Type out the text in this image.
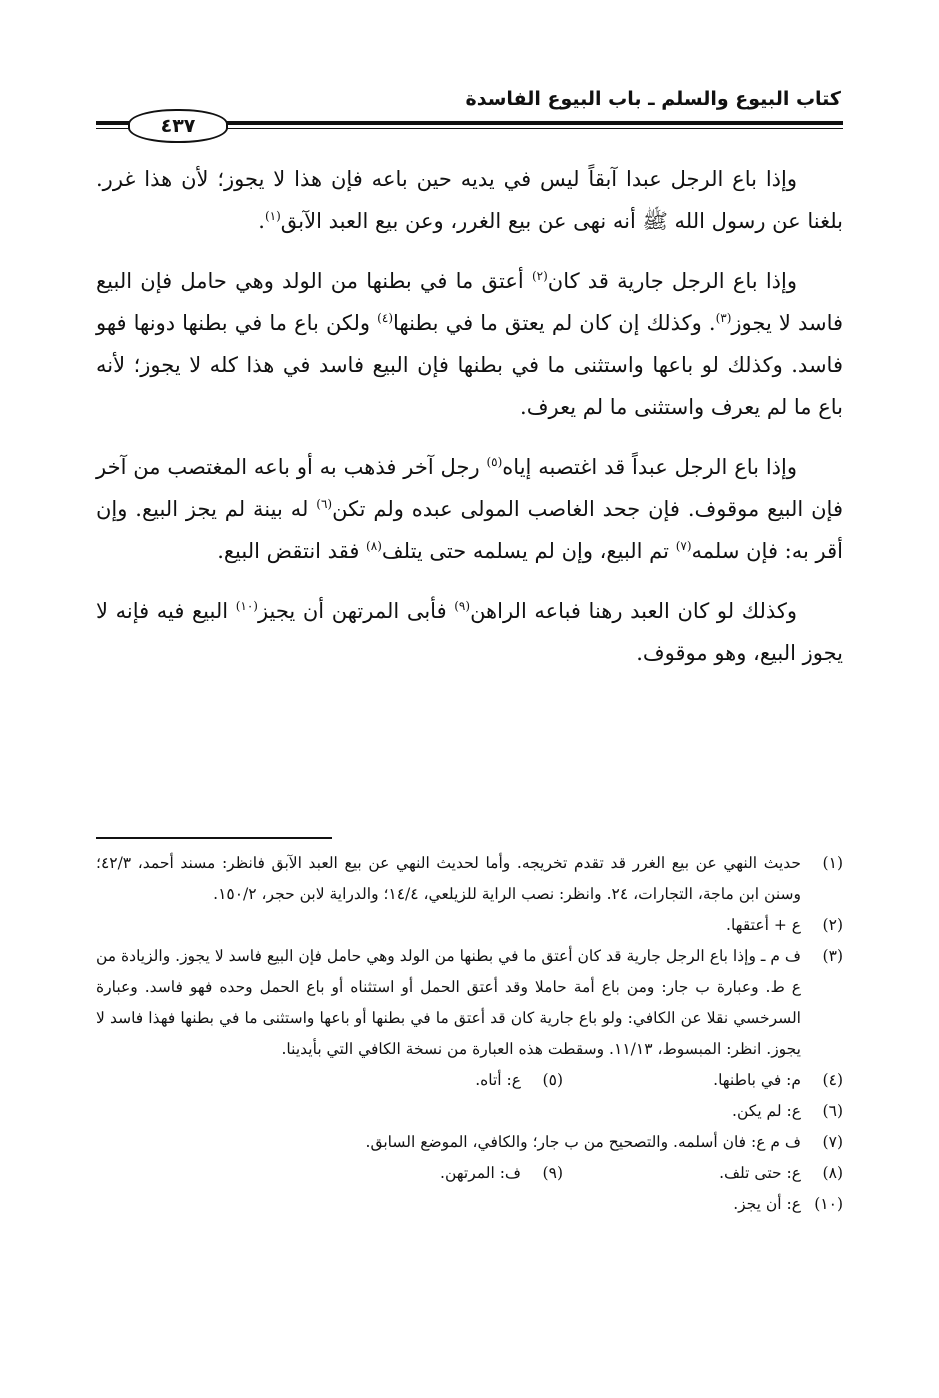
كتاب البيوع والسلم ـ باب البيوع الفاسدة
٤٣٧

وإذا باع الرجل عبدا آبقاً ليس في يديه حين باعه فإن هذا لا يجوز؛ لأن هذا غرر. بلغنا عن رسول الله ﷺ أنه نهى عن بيع الغرر، وعن بيع العبد الآبق$^{(١)}$.

وإذا باع الرجل جارية قد كان$^{(٢)}$ أعتق ما في بطنها من الولد وهي حامل فإن البيع فاسد لا يجوز$^{(٣)}$. وكذلك إن كان لم يعتق ما في بطنها$^{(٤)}$ ولكن باع ما في بطنها دونها فهو فاسد. وكذلك لو باعها واستثنى ما في بطنها فإن البيع فاسد في هذا كله لا يجوز؛ لأنه باع ما لم يعرف واستثنى ما لم يعرف.

وإذا باع الرجل عبداً قد اغتصبه إياه$^{(٥)}$ رجل آخر فذهب به أو باعه المغتصب من آخر فإن البيع موقوف. فإن جحد الغاصب المولى عبده ولم تكن$^{(٦)}$ له بينة لم يجز البيع. وإن أقر به: فإن سلمه$^{(٧)}$ تم البيع، وإن لم يسلمه حتى يتلف$^{(٨)}$ فقد انتقض البيع.

وكذلك لو كان العبد رهنا فباعه الراهن$^{(٩)}$ فأبى المرتهن أن يجيز$^{(١٠)}$ البيع فيه فإنه لا يجوز البيع، وهو موقوف.

(١)
حديث النهي عن بيع الغرر قد تقدم تخريجه. وأما لحديث النهي عن بيع العبد الآبق فانظر: مسند أحمد، ٤٢/٣؛ وسنن ابن ماجة، التجارات، ٢٤. وانظر: نصب الراية للزيلعي، ١٤/٤؛ والدراية لابن حجر، ١٥٠/٢.
(٢)
ع + أعتقها.
(٣)
ف م ـ وإذا باع الرجل جارية قد كان أعتق ما في بطنها من الولد وهي حامل فإن البيع فاسد لا يجوز. والزيادة من ع ط. وعبارة ب جار: ومن باع أمة حاملا وقد أعتق الحمل أو استثناه أو باع الحمل وحده فهو فاسد. وعبارة السرخسي نقلا عن الكافي: ولو باع جارية كان قد أعتق ما في بطنها أو باعها واستثنى ما في بطنها فهذا فاسد لا يجوز. انظر: المبسوط، ١١/١٣. وسقطت هذه العبارة من نسخة الكافي التي بأيدينا.
(٤)
م: في باطنها.
(٥)
ع: أتاه.
(٦)
ع: لم يكن.
(٧)
ف م ع: فان أسلمه. والتصحيح من ب جار؛ والكافي، الموضع السابق.
(٨)
ع: حتى تلف.
(٩)
ف: المرتهن.
(١٠)
ع: أن يجز.
